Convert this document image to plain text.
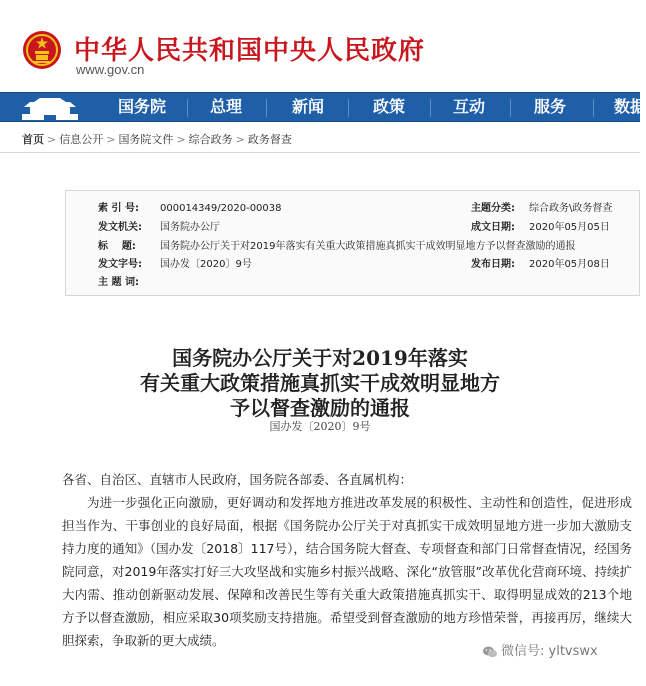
中华人民共和国中央人民政府
www.gov.cn
国务院	总理	新闻	政策	互动	服务	数据
首页 > 信息公开 > 国务院文件 > 综合政务 > 政务督查
索 引 号: 000014349/2020-00038	主题分类: 综合政务\政务督查
发文机关: 国务院办公厅	成文日期: 2020年05月05日
标    题: 国务院办公厅关于对2019年落实有关重大政策措施真抓实干成效明显地方予以督查激励的通报
发文字号: 国办发〔2020〕9号	发布日期: 2020年05月08日
主 题 词:
国务院办公厅关于对2019年落实
有关重大政策措施真抓实干成效明显地方
予以督查激励的通报
国办发〔2020〕9号
各省、自治区、直辖市人民政府，国务院各部委、各直属机构：
为进一步强化正向激励，更好调动和发挥地方推进改革发展的积极性、主动性和创造性，促进形成担当作为、干事创业的良好局面，根据《国务院办公厅关于对真抓实干成效明显地方进一步加大激励支持力度的通知》（国办发〔2018〕117号），结合国务院大督查、专项督查和部门日常督查情况，经国务院同意，对2019年落实打好三大攻坚战和实施乡村振兴战略、深化“放管服”改革优化营商环境、持续扩大内需、推动创新驱动发展、保障和改善民生等有关重大政策措施真抓实干、取得明显成效的213个地方予以督查激励，相应采取30项奖励支持措施。希望受到督查激励的地方珍惜荣誉，再接再厉，继续大胆探索，争取新的更大成绩。
微信号: yltvswx
